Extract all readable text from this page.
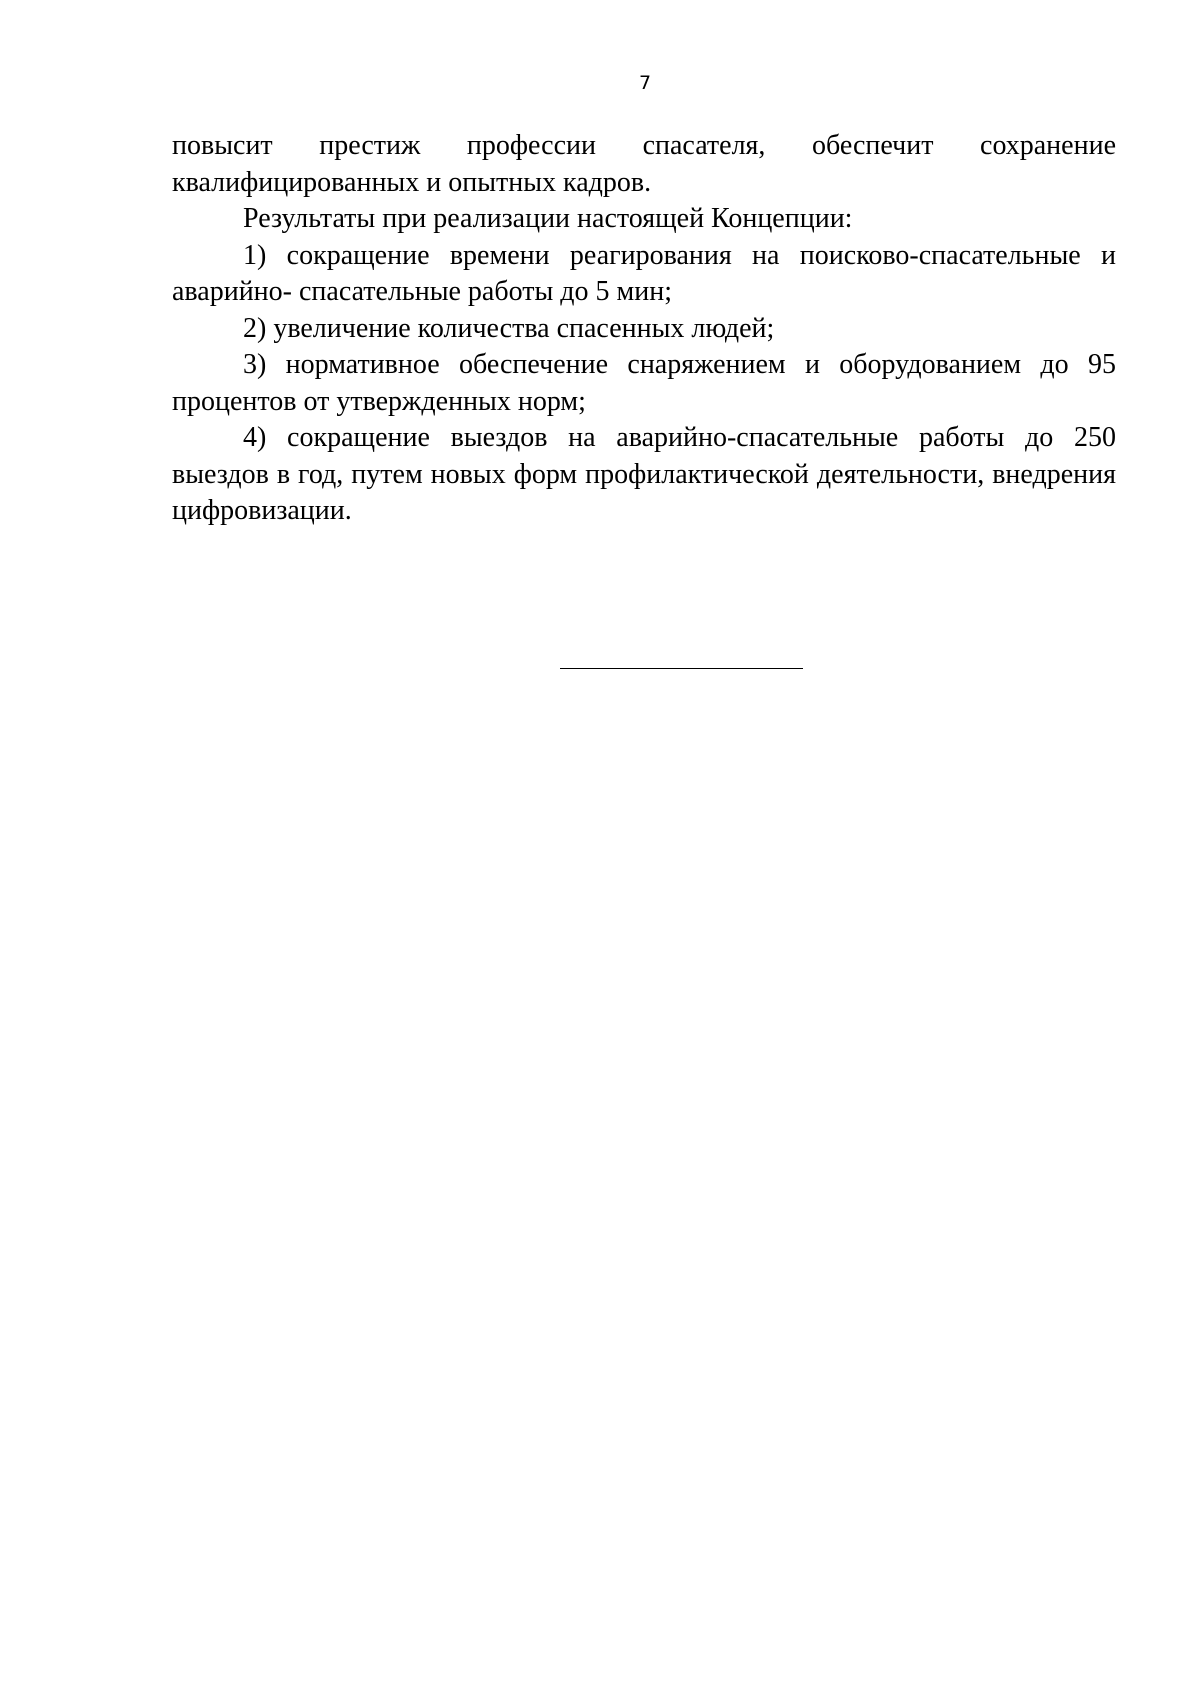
7

повысит престиж профессии спасателя, обеспечит сохранение квалифицированных и опытных кадров.

Результаты при реализации настоящей Концепции:

1) сокращение времени реагирования на поисково-спасательные и аварийно- спасательные работы до 5 мин;

2) увеличение количества спасенных людей;

3) нормативное обеспечение снаряжением и оборудованием до 95 процентов от утвержденных норм;

4) сокращение выездов на аварийно-спасательные работы до 250 выездов в год, путем новых форм профилактической деятельности, внедрения цифровизации.
